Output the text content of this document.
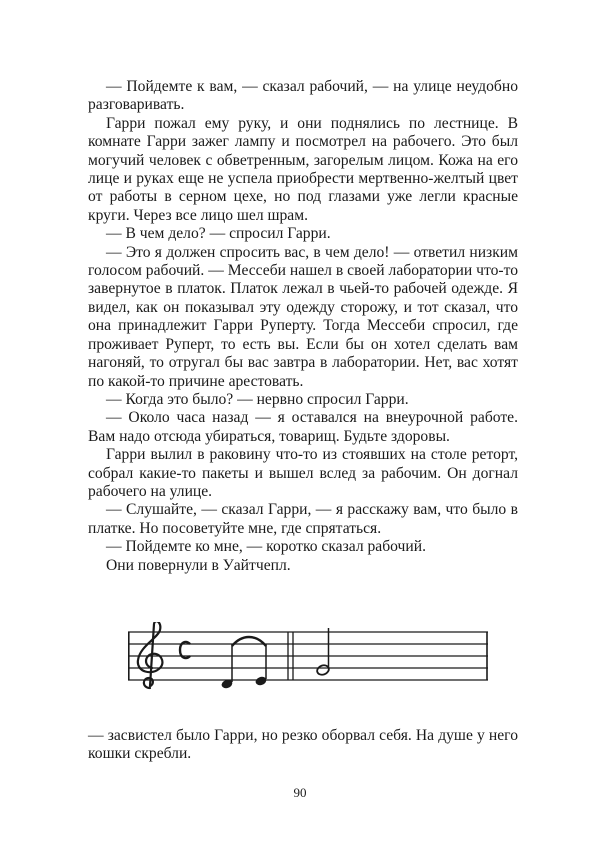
— Пойдемте к вам, — сказал рабочий, — на улице неудобно разговаривать.

Гарри пожал ему руку, и они поднялись по лестнице. В комнате Гарри зажег лампу и посмотрел на рабочего. Это был могучий человек с обветренным, загорелым лицом. Кожа на его лице и руках еще не успела приобрести мертвенно-желтый цвет от работы в серном цехе, но под глазами уже легли красные круги. Через все лицо шел шрам.

— В чем дело? — спросил Гарри.

— Это я должен спросить вас, в чем дело! — ответил низким голосом рабочий. — Мессеби нашел в своей лаборатории что-то завернутое в платок. Платок лежал в чьей-то рабочей одежде. Я видел, как он показывал эту одежду сторожу, и тот сказал, что она принадлежит Гарри Руперту. Тогда Мессеби спросил, где проживает Руперт, то есть вы. Если бы он хотел сделать вам нагоняй, то отругал бы вас завтра в лаборатории. Нет, вас хотят по какой-то причине арестовать.

— Когда это было? — нервно спросил Гарри.

— Около часа назад — я оставался на внеурочной работе. Вам надо отсюда убираться, товарищ. Будьте здоровы.

Гарри вылил в раковину что-то из стоявших на столе реторт, собрал какие-то пакеты и вышел вслед за рабочим. Он догнал рабочего на улице.

— Слушайте, — сказал Гарри, — я расскажу вам, что было в платке. Но посоветуйте мне, где спрятаться.

— Пойдемте ко мне, — коротко сказал рабочий.

Они повернули в Уайтчепл.

— засвистел было Гарри, но резко оборвал себя. На душе у него кошки скребли.

90
